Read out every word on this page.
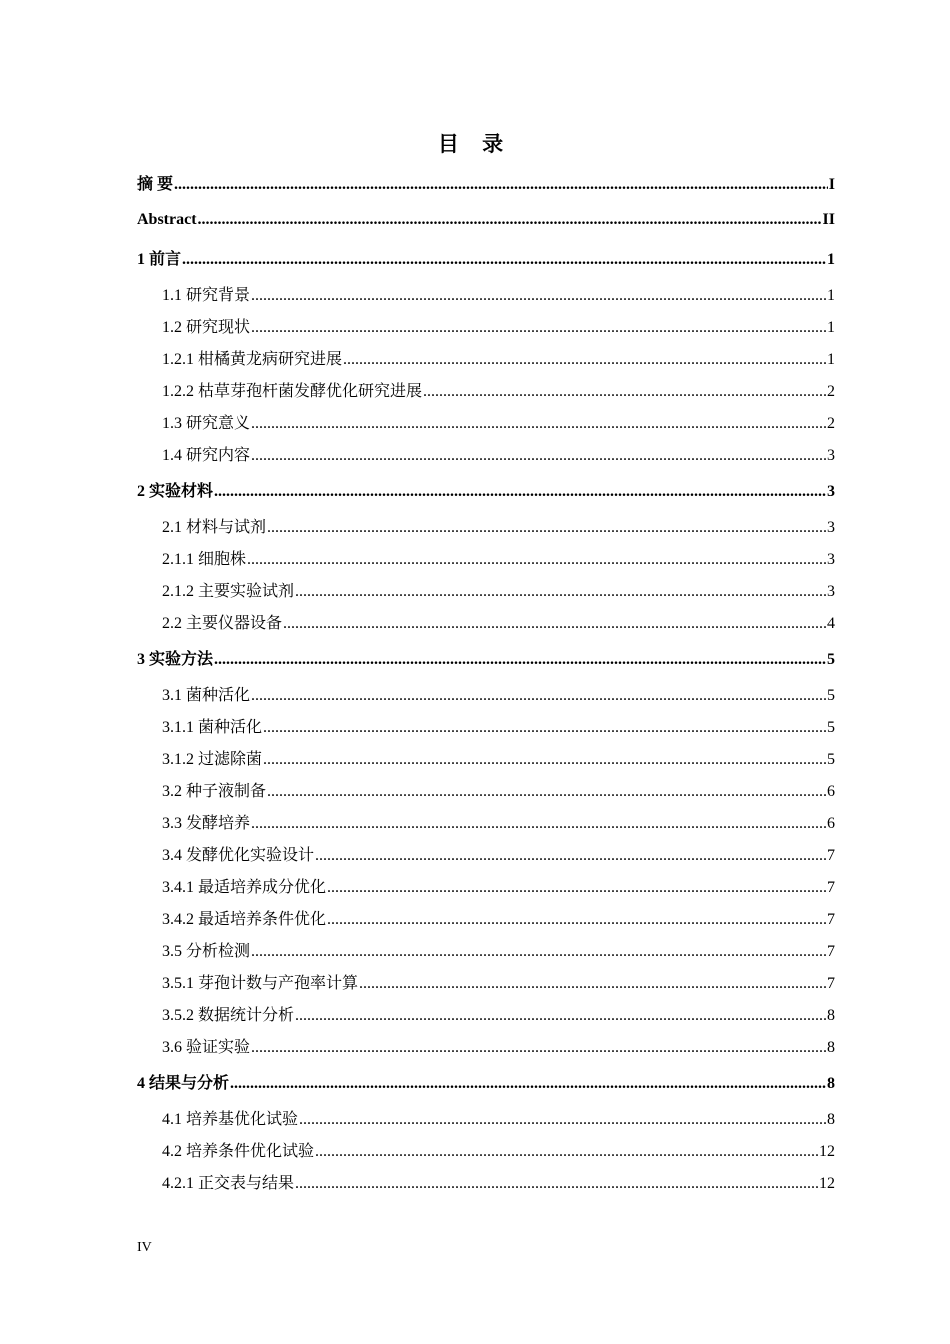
目 录
摘 要 .....	I
Abstract .....	II
1 前言 .....	1
1.1 研究背景 .....	1
1.2 研究现状 .....	1
1.2.1 柑橘黄龙病研究进展 .....	1
1.2.2 枯草芽孢杆菌发酵优化研究进展 .....	2
1.3 研究意义 .....	2
1.4 研究内容 .....	3
2 实验材料 .....	3
2.1 材料与试剂 .....	3
2.1.1 细胞株 .....	3
2.1.2 主要实验试剂 .....	3
2.2 主要仪器设备 .....	4
3 实验方法 .....	5
3.1 菌种活化 .....	5
3.1.1 菌种活化 .....	5
3.1.2 过滤除菌 .....	5
3.2 种子液制备 .....	6
3.3 发酵培养 .....	6
3.4 发酵优化实验设计 .....	7
3.4.1 最适培养成分优化 .....	7
3.4.2 最适培养条件优化 .....	7
3.5 分析检测 .....	7
3.5.1 芽孢计数与产孢率计算 .....	7
3.5.2 数据统计分析 .....	8
3.6 验证实验 .....	8
4 结果与分析 .....	8
4.1 培养基优化试验 .....	8
4.2 培养条件优化试验 .....	12
4.2.1 正交表与结果 .....	12
IV
